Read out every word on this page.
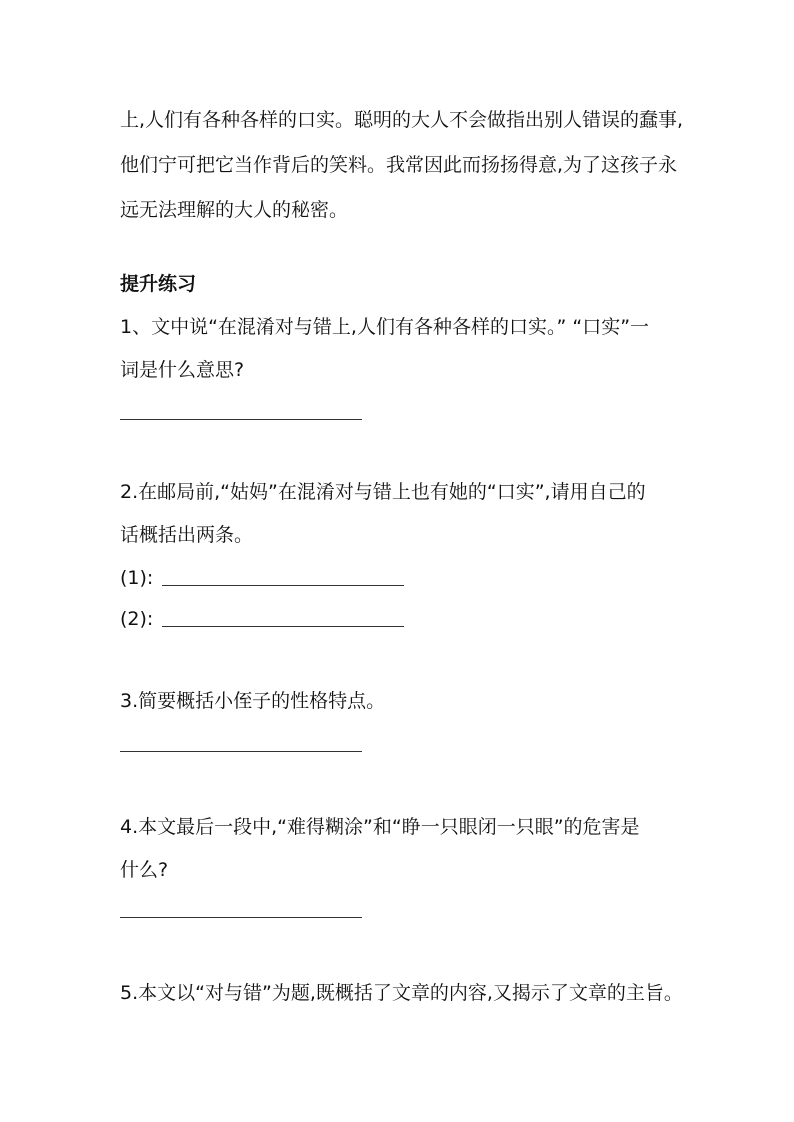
上,人们有各种各样的口实。聪明的大人不会做指出别人错误的蠢事,
他们宁可把它当作背后的笑料。我常因此而扬扬得意,为了这孩子永
远无法理解的大人的秘密。
提升练习
1、文中说“在混淆对与错上,人们有各种各样的口实。” “口实”一
词是什么意思?
2.在邮局前,“姑妈”在混淆对与错上也有她的“口实”,请用自己的
话概括出两条。
(1):
(2):
3.简要概括小侄子的性格特点。
4.本文最后一段中,“难得糊涂”和“睁一只眼闭一只眼”的危害是
什么?
5.本文以“对与错”为题,既概括了文章的内容,又揭示了文章的主旨。
